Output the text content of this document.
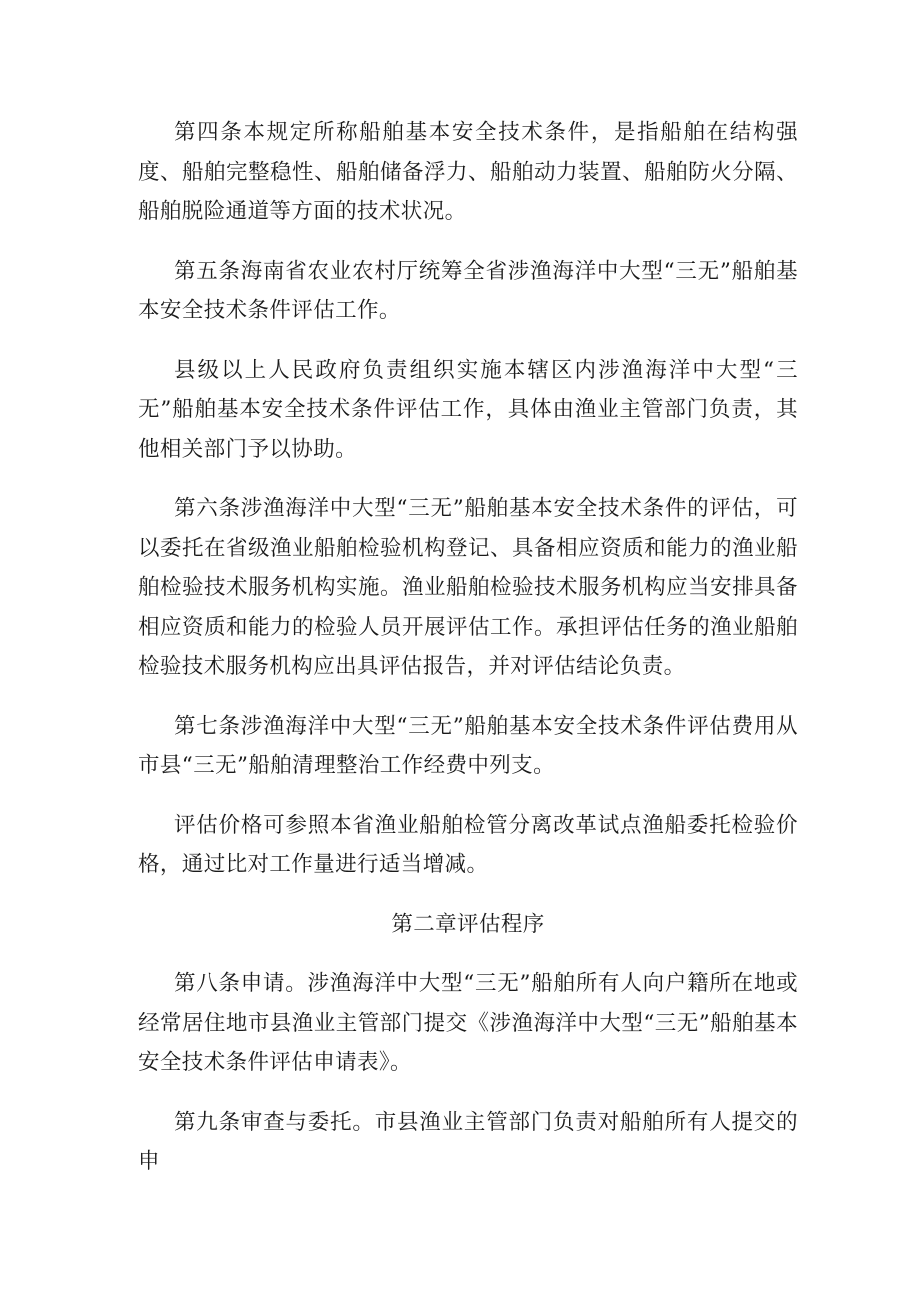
第四条本规定所称船舶基本安全技术条件，是指船舶在结构强度、船舶完整稳性、船舶储备浮力、船舶动力装置、船舶防火分隔、船舶脱险通道等方面的技术状况。

第五条海南省农业农村厅统筹全省涉渔海洋中大型“三无”船舶基本安全技术条件评估工作。

县级以上人民政府负责组织实施本辖区内涉渔海洋中大型“三无”船舶基本安全技术条件评估工作，具体由渔业主管部门负责，其他相关部门予以协助。

第六条涉渔海洋中大型“三无”船舶基本安全技术条件的评估，可以委托在省级渔业船舶检验机构登记、具备相应资质和能力的渔业船舶检验技术服务机构实施。渔业船舶检验技术服务机构应当安排具备相应资质和能力的检验人员开展评估工作。承担评估任务的渔业船舶检验技术服务机构应出具评估报告，并对评估结论负责。

第七条涉渔海洋中大型“三无”船舶基本安全技术条件评估费用从市县“三无”船舶清理整治工作经费中列支。

评估价格可参照本省渔业船舶检管分离改革试点渔船委托检验价格，通过比对工作量进行适当增减。

第二章评估程序

第八条申请。涉渔海洋中大型“三无”船舶所有人向户籍所在地或经常居住地市县渔业主管部门提交《涉渔海洋中大型“三无”船舶基本安全技术条件评估申请表》。

第九条审查与委托。市县渔业主管部门负责对船舶所有人提交的申
